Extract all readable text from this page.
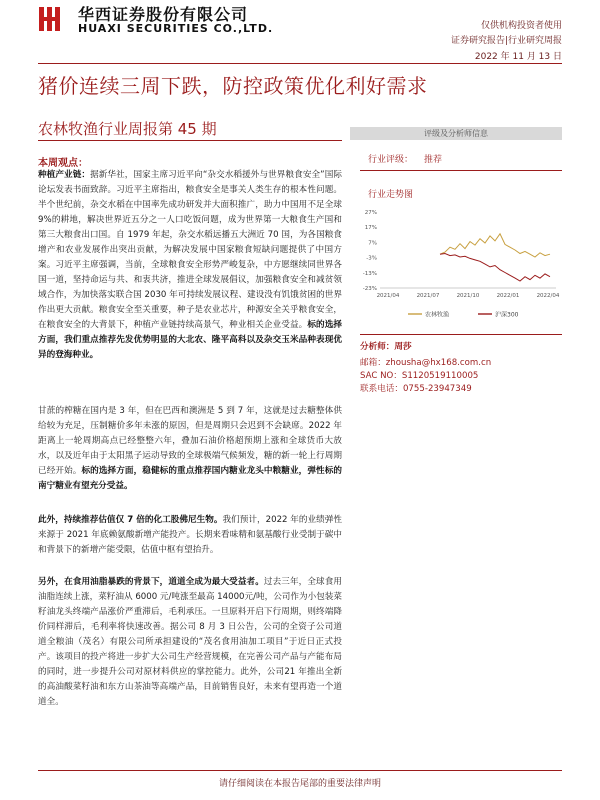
华西证券股份有限公司
HUAXI SECURITIES CO.,LTD.	仅供机构投资者使用
证券研究报告|行业研究周报
2022 年 11 月 13 日
猪价连续三周下跌，防控政策优化利好需求
农林牧渔行业周报第 45 期
本周观点：
种植产业链：据新华社，国家主席习近平向“杂交水稻援外与世界粮食安全”国际论坛发表书面致辞。习近平主席指出，粮食安全是事关人类生存的根本性问题。半个世纪前，杂交水稻在中国率先成功研发并大面积推广，助力中国用不足全球 9%的耕地，解决世界近五分之一人口吃饭问题，成为世界第一大粮食生产国和第三大粮食出口国。自 1979 年起，杂交水稻远播五大洲近 70 国，为各国粮食增产和农业发展作出突出贡献，为解决发展中国家粮食短缺问题提供了中国方案。习近平主席强调，当前，全球粮食安全形势严峻复杂，中方愿继续同世界各国一道，坚持命运与共、和衷共济，推进全球发展倡议，加强粮食安全和减贫领域合作，为加快落实联合国 2030 年可持续发展议程、建设没有饥饿贫困的世界作出更大贡献。粮食安全至关重要，种子是农业芯片，种源安全关乎粮食安全，在粮食安全的大背景下，种植产业链持续高景气，种业相关企业受益。标的选择方面，我们重点推荐先发优势明显的大北农、隆平高科以及杂交玉米品种表现优异的登海种业。
甘蔗的榨糖在国内是 3 年，但在巴西和澳洲是 5 到 7 年，这就是过去糖整体供给较为充足，压制糖价多年未涨的原因，但是周期只会迟到不会缺席。2022 年距离上一轮周期高点已经整整六年，叠加石油价格超预期上涨和全球货币大放水，以及近年由于太阳黑子运动导致的全球极端气候频发，糖的新一轮上行周期已经开始。标的选择方面，稳健标的重点推荐国内糖业龙头中粮糖业，弹性标的南宁糖业有望充分受益。
此外，持续推荐估值仅 7 倍的化工股佛尼生物。我们预计，2022 年的业绩弹性来源于 2021 年底赖氨酸新增产能投产。长期来看味精和氨基酸行业受制于碳中和背景下的新增产能受限，估值中枢有望抬升。
另外，在食用油脂暴跌的背景下，道道全成为最大受益者。过去三年，全球食用油脂连续上涨，菜籽油从 6000 元/吨涨至最高 14000元/吨，公司作为小包装菜籽油龙头终端产品涨价严重滞后，毛利承压。一旦原料开启下行周期，则终端降价同样滞后，毛利率将快速改善。据公司 8 月 3 日公告，公司的全资子公司道道全粮油（茂名）有限公司所承担建设的“茂名食用油加工项目”于近日正式投产。该项目的投产将进一步扩大公司生产经营规模，在完善公司产品与产能布局的同时，进一步提升公司对原材料供应的掌控能力。此外，公司21 年推出全新的高油酸菜籽油和东方山茶油等高端产品，目前销售良好，未来有望再造一个道道全。
评级及分析师信息
行业评级： 推荐
行业走势图
27%
17%
7%
-3%
-13%
-23%
2021/04	2021/07	2021/10	2022/01	2022/04
农林牧渔	沪深300
分析师：周莎
邮箱：zhousha@hx168.com.cn
SAC NO：S1120519110005
联系电话：0755-23947349
请仔细阅读在本报告尾部的重要法律声明
